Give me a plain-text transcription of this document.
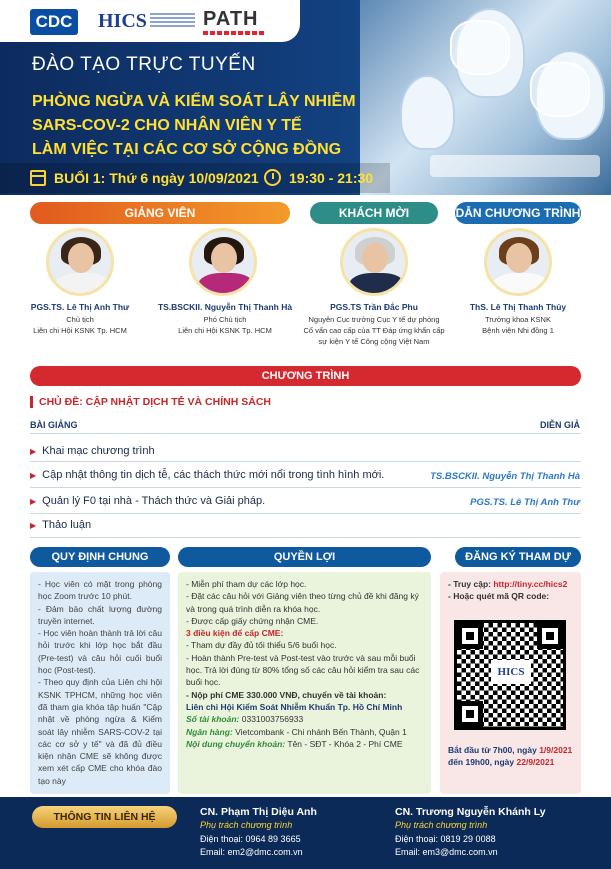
CDC HICS	PATH
ĐÀO TẠO TRỰC TUYẾN
PHÒNG NGỪA VÀ KIỂM SOÁT LÂY NHIỄM
SARS-COV-2 CHO NHÂN VIÊN Y TẾ
LÀM VIỆC TẠI CÁC CƠ SỞ CỘNG ĐỒNG
BUỔI 1: Thứ 6 ngày 10/09/2021 19:30 - 21:30
GIẢNG VIÊN	KHÁCH MỜI	DẪN CHƯƠNG TRÌNH
PGS.TS. Lê Thị Anh Thư
Chủ tịch
Liên chi Hội KSNK Tp. HCM
TS.BSCKII. Nguyễn Thị Thanh Hà
Phó Chủ tịch
Liên chi Hội KSNK Tp. HCM
PGS.TS Trần Đắc Phu
Nguyên Cục trưởng Cục Y tế dự phòng
Cố vấn cao cấp của TT Đáp ứng khẩn cấp
sự kiện Y tế Công cộng Việt Nam
ThS. Lê Thị Thanh Thủy
Trưởng khoa KSNK
Bệnh viện Nhi đồng 1
CHƯƠNG TRÌNH
CHỦ ĐỀ: CẬP NHẬT DỊCH TỄ VÀ CHÍNH SÁCH
BÀI GIẢNG	DIỄN GIẢ
▶ Khai mạc chương trình
▶ Cập nhật thông tin dịch tễ, các thách thức mới nổi trong tình hình mới.	TS.BSCKII. Nguyễn Thị Thanh Hà
▶ Quản lý F0 tại nhà - Thách thức và Giải pháp.	PGS.TS. Lê Thị Anh Thư
▶ Thảo luận
QUY ĐỊNH CHUNG	QUYỀN LỢI	ĐĂNG KÝ THAM DỰ
- Học viên có mặt trong phòng học Zoom trước 10 phút.
- Đảm bảo chất lượng đường truyền internet.
- Học viên hoàn thành trả lời câu hỏi trước khi lớp học bắt đầu (Pre-test) và câu hỏi cuối buổi học (Post-test).
- Theo quy định của Liên chi hội KSNK TPHCM, những học viên đã tham gia khóa tập huấn "Cập nhật về phòng ngừa & Kiểm soát lây nhiễm SARS-COV-2 tại các cơ sở y tế" và đã đủ điều kiện nhận CME sẽ không được xem xét cấp CME cho khóa đào tạo này
- Miễn phí tham dự các lớp học.
- Đặt các câu hỏi với Giảng viên theo từng chủ đề khi đăng ký và trong quá trình diễn ra khóa học.
- Được cấp giấy chứng nhận CME.
3 điều kiện để cấp CME:
- Tham dự đầy đủ tối thiểu 5/6 buổi học.
- Hoàn thành Pre-test và Post-test vào trước và sau mỗi buổi học. Trả lời đúng từ 80% tổng số các câu hỏi kiểm tra sau các buổi học.
- Nộp phí CME 330.000 VNĐ, chuyển về tài khoản:
Liên chi Hội Kiểm Soát Nhiễm Khuẩn Tp. Hồ Chí Minh
Số tài khoản: 0331003756933
Ngân hàng: Vietcombank - Chi nhánh Bến Thành, Quận 1
Nội dung chuyển khoản: Tên - SĐT - Khóa 2 - Phí CME
- Truy cập: http://tiny.cc/hics2
- Hoặc quét mã QR code:
HICS
Bắt đầu từ 7h00, ngày 1/9/2021
đến 19h00, ngày 22/9/2021
THÔNG TIN LIÊN HỆ	CN. Phạm Thị Diệu Anh
Phụ trách chương trình
Điện thoại: 0964 89 3665
Email: em2@dmc.com.vn
CN. Trương Nguyễn Khánh Ly
Phụ trách chương trình
Điện thoại: 0819 29 0088
Email: em3@dmc.com.vn
